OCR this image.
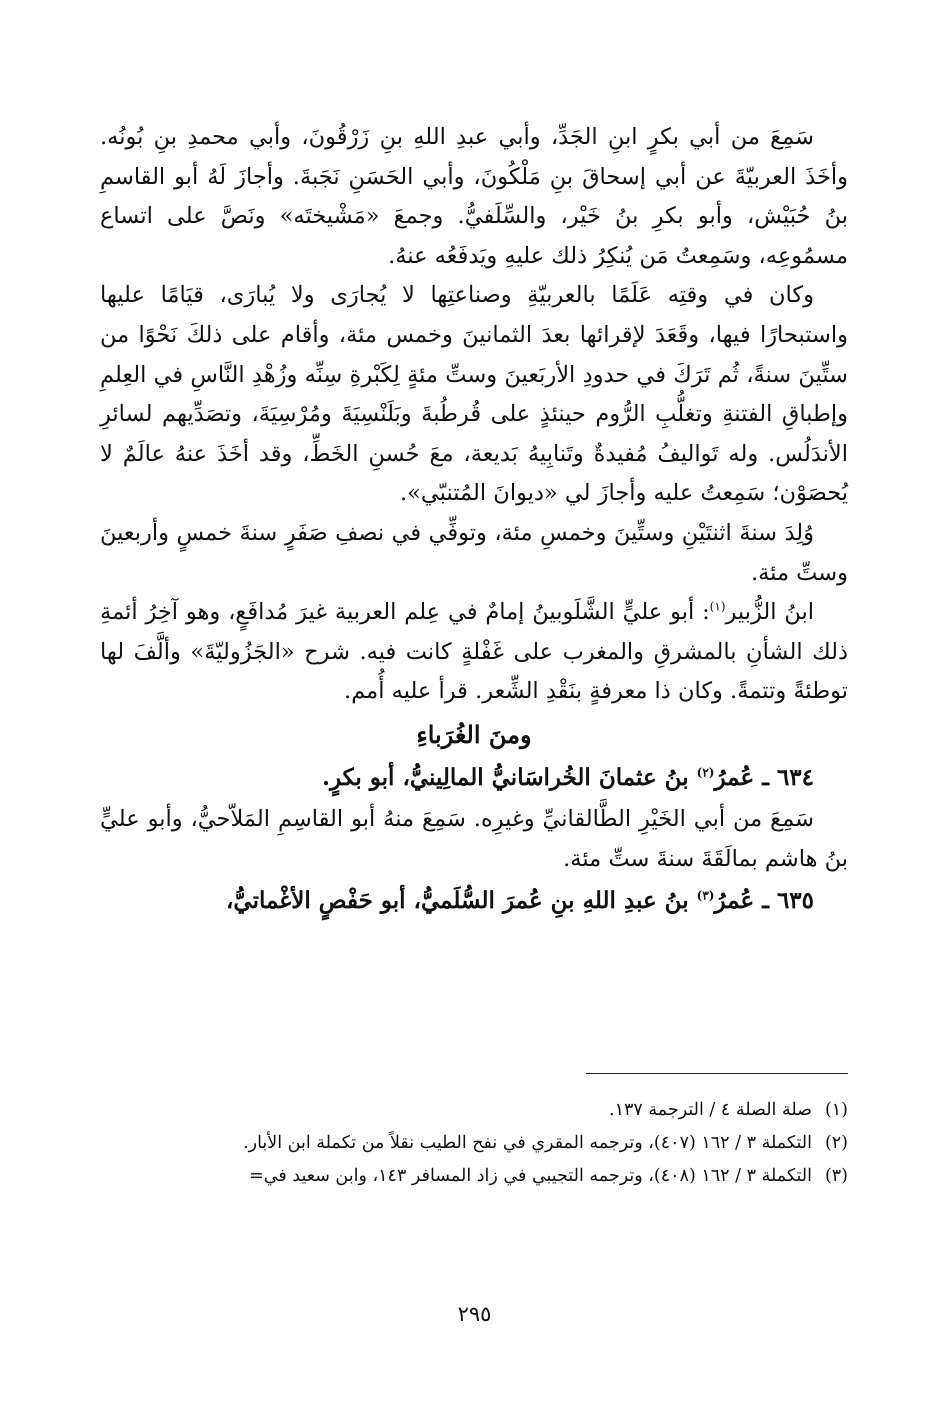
سَمِعَ من أبي بكرٍ ابنِ الجَدِّ، وأبي عبدِ اللهِ بنِ زَرْقُونَ، وأبي محمدِ بنِ بُونُه. وأخَذَ العربيّةَ عن أبي إسحاقَ بنِ مَلْكُونَ، وأبي الحَسَنِ نَجَبةَ. وأجازَ لَهُ أبو القاسمِ بنُ حُبَيْش، وأبو بكرِ بنُ خَيْر، والسِّلَفيُّ. وجمعَ «مَشْيختَه» ونَصَّ على اتساع مسمُوعِه، وسَمِعتُ مَن يُنكِرُ ذلك عليهِ ويَدفَعُه عنهُ.

وكان في وقتِه عَلَمًا بالعربيّةِ وصناعتِها لا يُجارَى ولا يُبارَى، قيَامًا عليها واستبحارًا فيها، وقَعَدَ لإقرائها بعدَ الثمانينَ وخمس مئة، وأقام على ذلكَ نَحْوًا من ستِّينَ سنةً، ثُم تَرَكَ في حدودِ الأربَعينَ وستِّ مئةٍ لِكَبْرةِ سِنِّه وزُهْدِ النَّاسِ في العِلمِ وإطباقِ الفتنةِ وتغلُّبِ الرُّوم حينئذٍ على قُرطُبةَ وبَلَنْسِيَةَ ومُرْسِيَةَ، وتصَدِّيهم لسائرِ الأندَلُس. وله تَواليفُ مُفيدةٌ وتَنابِيهُ بَديعة، معَ حُسنِ الخَطِّ، وقد أخَذَ عنهُ عالَمٌ لا يُحصَوْن؛ سَمِعتُ عليه وأجازَ لي «ديوانَ المُتنبّي».

وُلِدَ سنةَ اثنتَيْنِ وستِّينَ وخمسِ مئة، وتوفِّي في نصفِ صَفَرٍ سنةَ خمسٍ وأربعينَ وستِّ مئة.

ابنُ الزُّبير$^{(١)}$: أبو عليٍّ الشَّلَوبينُ إمامٌ في عِلم العربية غيرَ مُدافَعٍ، وهو آخِرُ أئمةِ ذلك الشأنِ بالمشرقِ والمغرب على غَفْلةٍ كانت فيه. شرح «الجَزُوليّةَ» وألَّفَ لها توطئةً وتتمةً. وكان ذا معرفةٍ بنَقْدِ الشِّعر. قرأ عليه أُمم.

ومنَ الغُرَباءِ

٦٣٤ ـ عُمرُ$^{(٢)}$ بنُ عثمانَ الخُراسَانيُّ المالِينيُّ، أبو بكرٍ.

سَمِعَ من أبي الخَيْرِ الطَّالقانيِّ وغيرِه. سَمِعَ منهُ أبو القاسِمِ المَلاّحيُّ، وأبو عليٍّ بنُ هاشم بمالَقَةَ سنةَ ستِّ مئة.

٦٣٥ ـ عُمرُ$^{(٣)}$ بنُ عبدِ اللهِ بنِ عُمرَ السُّلَميُّ، أبو حَفْصٍ الأغْماتيُّ،

(١)
صلة الصلة ٤ / الترجمة ١٣٧.
(٢)
التكملة ٣ / ١٦٢ (٤٠٧)، وترجمه المقري في نفح الطيب نقلاً من تكملة ابن الأبار.
(٣)
التكملة ٣ / ١٦٢ (٤٠٨)، وترجمه التجيبي في زاد المسافر ١٤٣، وابن سعيد في=
٢٩٥
